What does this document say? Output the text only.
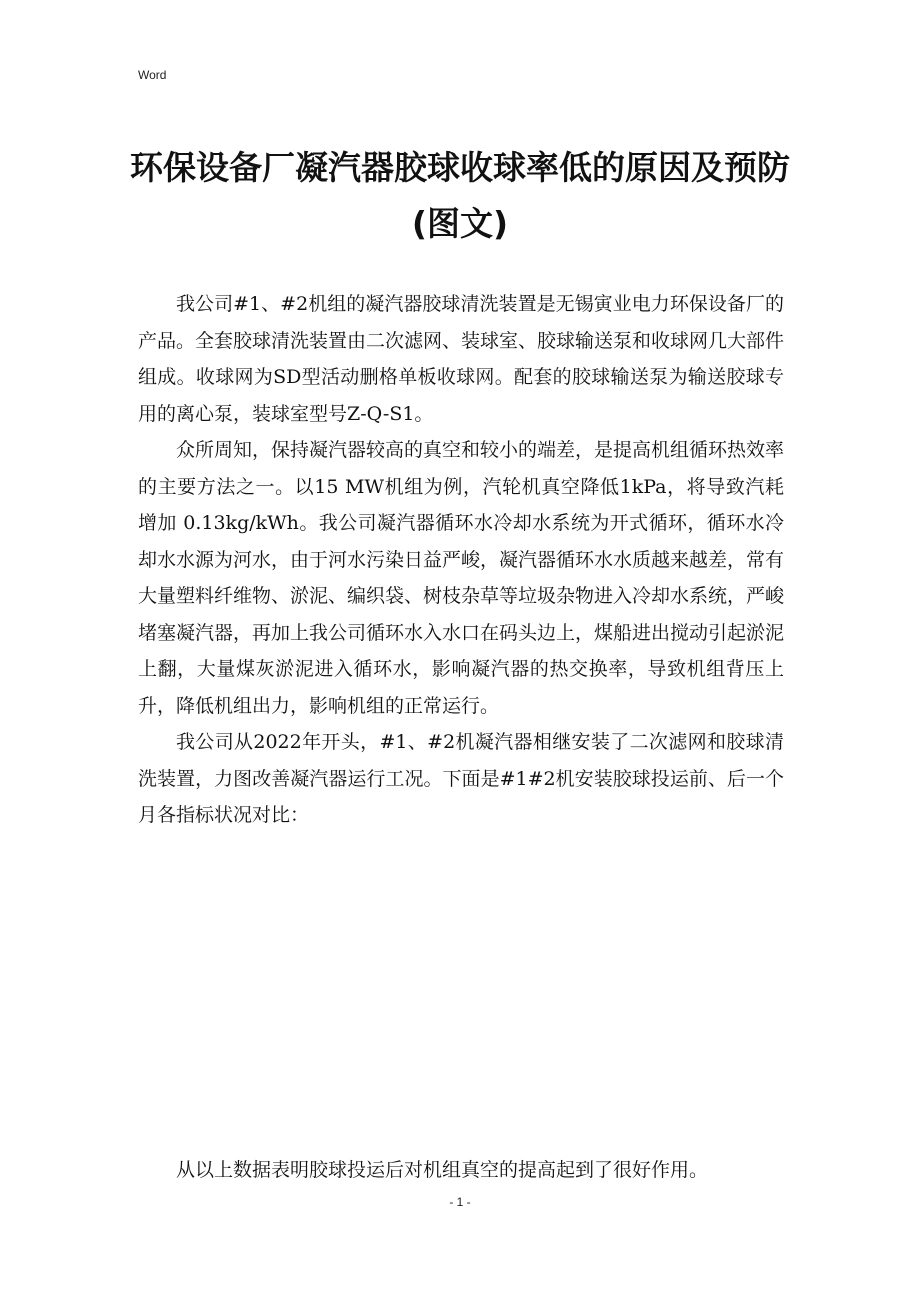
Word
环保设备厂凝汽器胶球收球率低的原因及预防(图文)

我公司#1、#2机组的凝汽器胶球清洗装置是无锡寅业电力环保设备厂的产品。全套胶球清洗装置由二次滤网、装球室、胶球输送泵和收球网几大部件组成。收球网为SD型活动删格单板收球网。配套的胶球输送泵为输送胶球专用的离心泵，装球室型号Z-Q-S1。

众所周知，保持凝汽器较高的真空和较小的端差，是提高机组循环热效率的主要方法之一。以15 MW机组为例，汽轮机真空降低1kPa，将导致汽耗增加 0.13kg/kWh。我公司凝汽器循环水冷却水系统为开式循环，循环水冷却水水源为河水，由于河水污染日益严峻，凝汽器循环水水质越来越差，常有大量塑料纤维物、淤泥、编织袋、树枝杂草等垃圾杂物进入冷却水系统，严峻堵塞凝汽器，再加上我公司循环水入水口在码头边上，煤船进出搅动引起淤泥上翻，大量煤灰淤泥进入循环水，影响凝汽器的热交换率，导致机组背压上升，降低机组出力，影响机组的正常运行。

我公司从2022年开头，#1、#2机凝汽器相继安装了二次滤网和胶球清洗装置，力图改善凝汽器运行工况。下面是#1#2机安装胶球投运前、后一个月各指标状况对比：

从以上数据表明胶球投运后对机组真空的提高起到了很好作用。

- 1 -
